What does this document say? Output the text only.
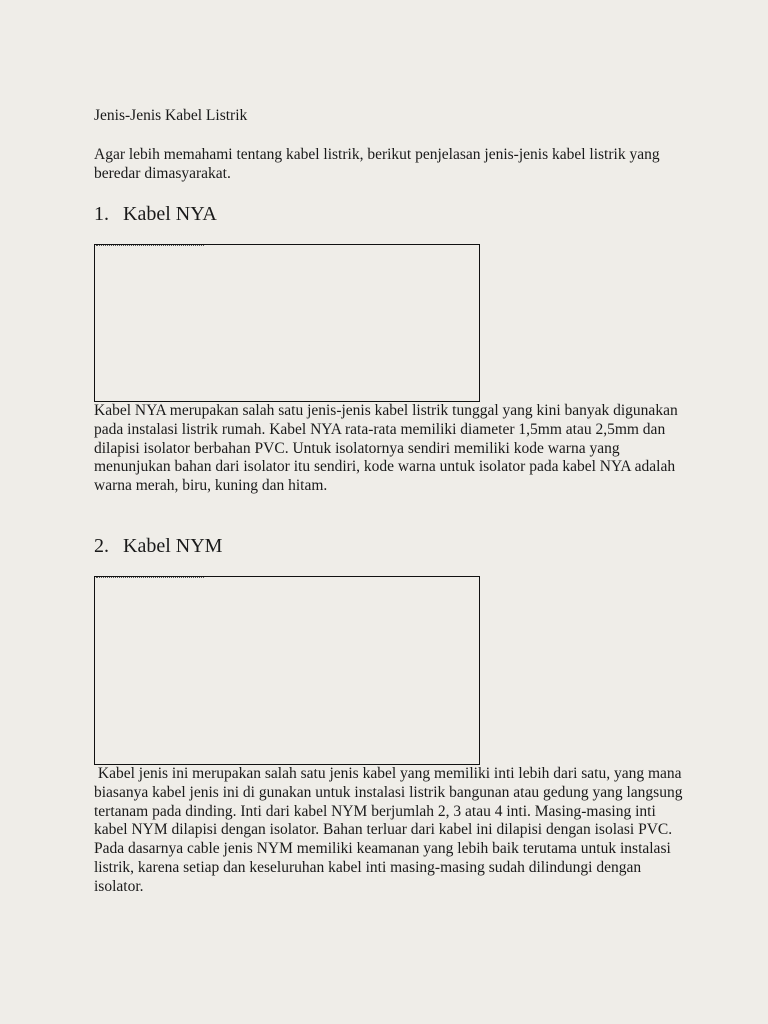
Jenis-Jenis Kabel Listrik

Agar lebih memahami tentang kabel listrik, berikut penjelasan jenis-jenis kabel listrik yang beredar dimasyarakat.

1. Kabel NYA

Kabel NYA merupakan salah satu jenis-jenis kabel listrik tunggal yang kini banyak digunakan pada instalasi listrik rumah. Kabel NYA rata-rata memiliki diameter 1,5mm atau 2,5mm dan dilapisi isolator berbahan PVC. Untuk isolatornya sendiri memiliki kode warna yang menunjukan bahan dari isolator itu sendiri, kode warna untuk isolator pada kabel NYA adalah warna merah, biru, kuning dan hitam.

2. Kabel NYM

Kabel jenis ini merupakan salah satu jenis kabel yang memiliki inti lebih dari satu, yang mana biasanya kabel jenis ini di gunakan untuk instalasi listrik bangunan atau gedung yang langsung tertanam pada dinding. Inti dari kabel NYM berjumlah 2, 3 atau 4 inti. Masing-masing inti kabel NYM dilapisi dengan isolator. Bahan terluar dari kabel ini dilapisi dengan isolasi PVC. Pada dasarnya cable jenis NYM memiliki keamanan yang lebih baik terutama untuk instalasi listrik, karena setiap dan keseluruhan kabel inti masing-masing sudah dilindungi dengan isolator.
